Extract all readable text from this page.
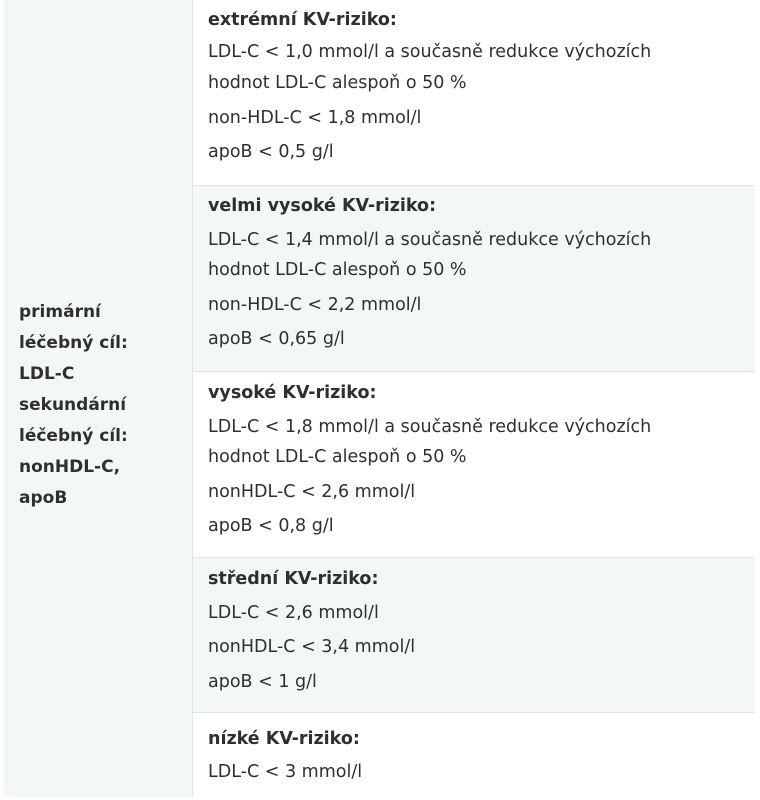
primární
léčebný cíl:
LDL-C
sekundární
léčebný cíl:
nonHDL-C,
apoB
extrémní KV-riziko:
LDL-C < 1,0 mmol/l a současně redukce výchozích
hodnot LDL-C alespoň o 50 %
non-HDL-C < 1,8 mmol/l
apoB < 0,5 g/l
velmi vysoké KV-riziko:
LDL-C < 1,4 mmol/l a současně redukce výchozích
hodnot LDL-C alespoň o 50 %
non-HDL-C < 2,2 mmol/l
apoB < 0,65 g/l
vysoké KV-riziko:
LDL-C < 1,8 mmol/l a současně redukce výchozích
hodnot LDL-C alespoň o 50 %
nonHDL-C < 2,6 mmol/l
apoB < 0,8 g/l
střední KV-riziko:
LDL-C < 2,6 mmol/l
nonHDL-C < 3,4 mmol/l
apoB < 1 g/l
nízké KV-riziko:
LDL-C < 3 mmol/l
